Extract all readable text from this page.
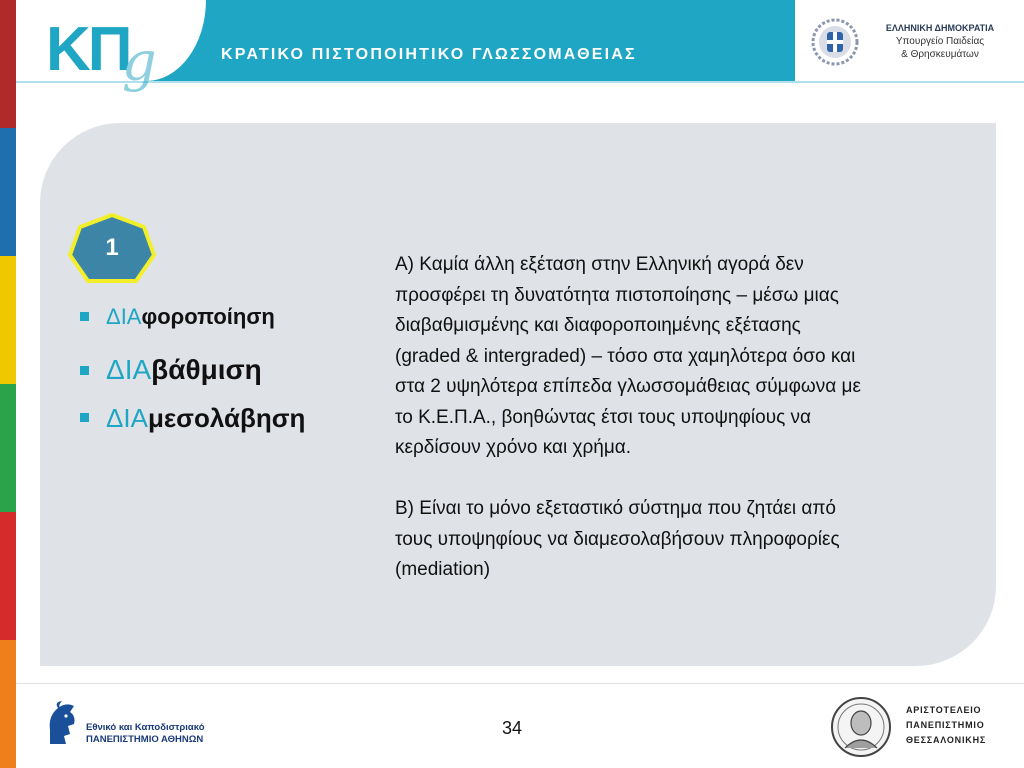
ΚΠ
g	ΚΡΑΤΙΚΟ ΠΙΣΤΟΠΟΙΗΤΙΚΟ ΓΛΩΣΣΟΜΑΘΕΙΑΣ
ΕΛΛΗΝΙΚΗ ΔΗΜΟΚΡΑΤΙΑ
Υπουργείο Παιδείας
& Θρησκευμάτων
1
ΔΙΑφοροποίηση
ΔΙΑβάθμιση
ΔΙΑμεσολάβηση

Α) Καμία άλλη εξέταση στην Ελληνική αγορά δεν

προσφέρει τη δυνατότητα πιστοποίησης – μέσω μιας

διαβαθμισμένης και διαφοροποιημένης εξέτασης

(graded & intergraded) – τόσο στα χαμηλότερα όσο και

στα 2 υψηλότερα επίπεδα γλωσσομάθειας σύμφωνα με

το Κ.Ε.Π.Α., βοηθώντας έτσι τους υποψηφίους να

κερδίσουν χρόνο και χρήμα.

Β) Είναι το μόνο εξεταστικό σύστημα που ζητάει από

τους υποψηφίους να διαμεσολαβήσουν πληροφορίες

(mediation)

Εθνικό και Καποδιστριακό
ΠΑΝΕΠΙΣΤΗΜΙΟ ΑΘΗΝΩΝ
34
ΑΡΙΣΤΟΤΕΛΕΙΟ
ΠΑΝΕΠΙΣΤΗΜΙΟ
ΘΕΣΣΑΛΟΝΙΚΗΣ
